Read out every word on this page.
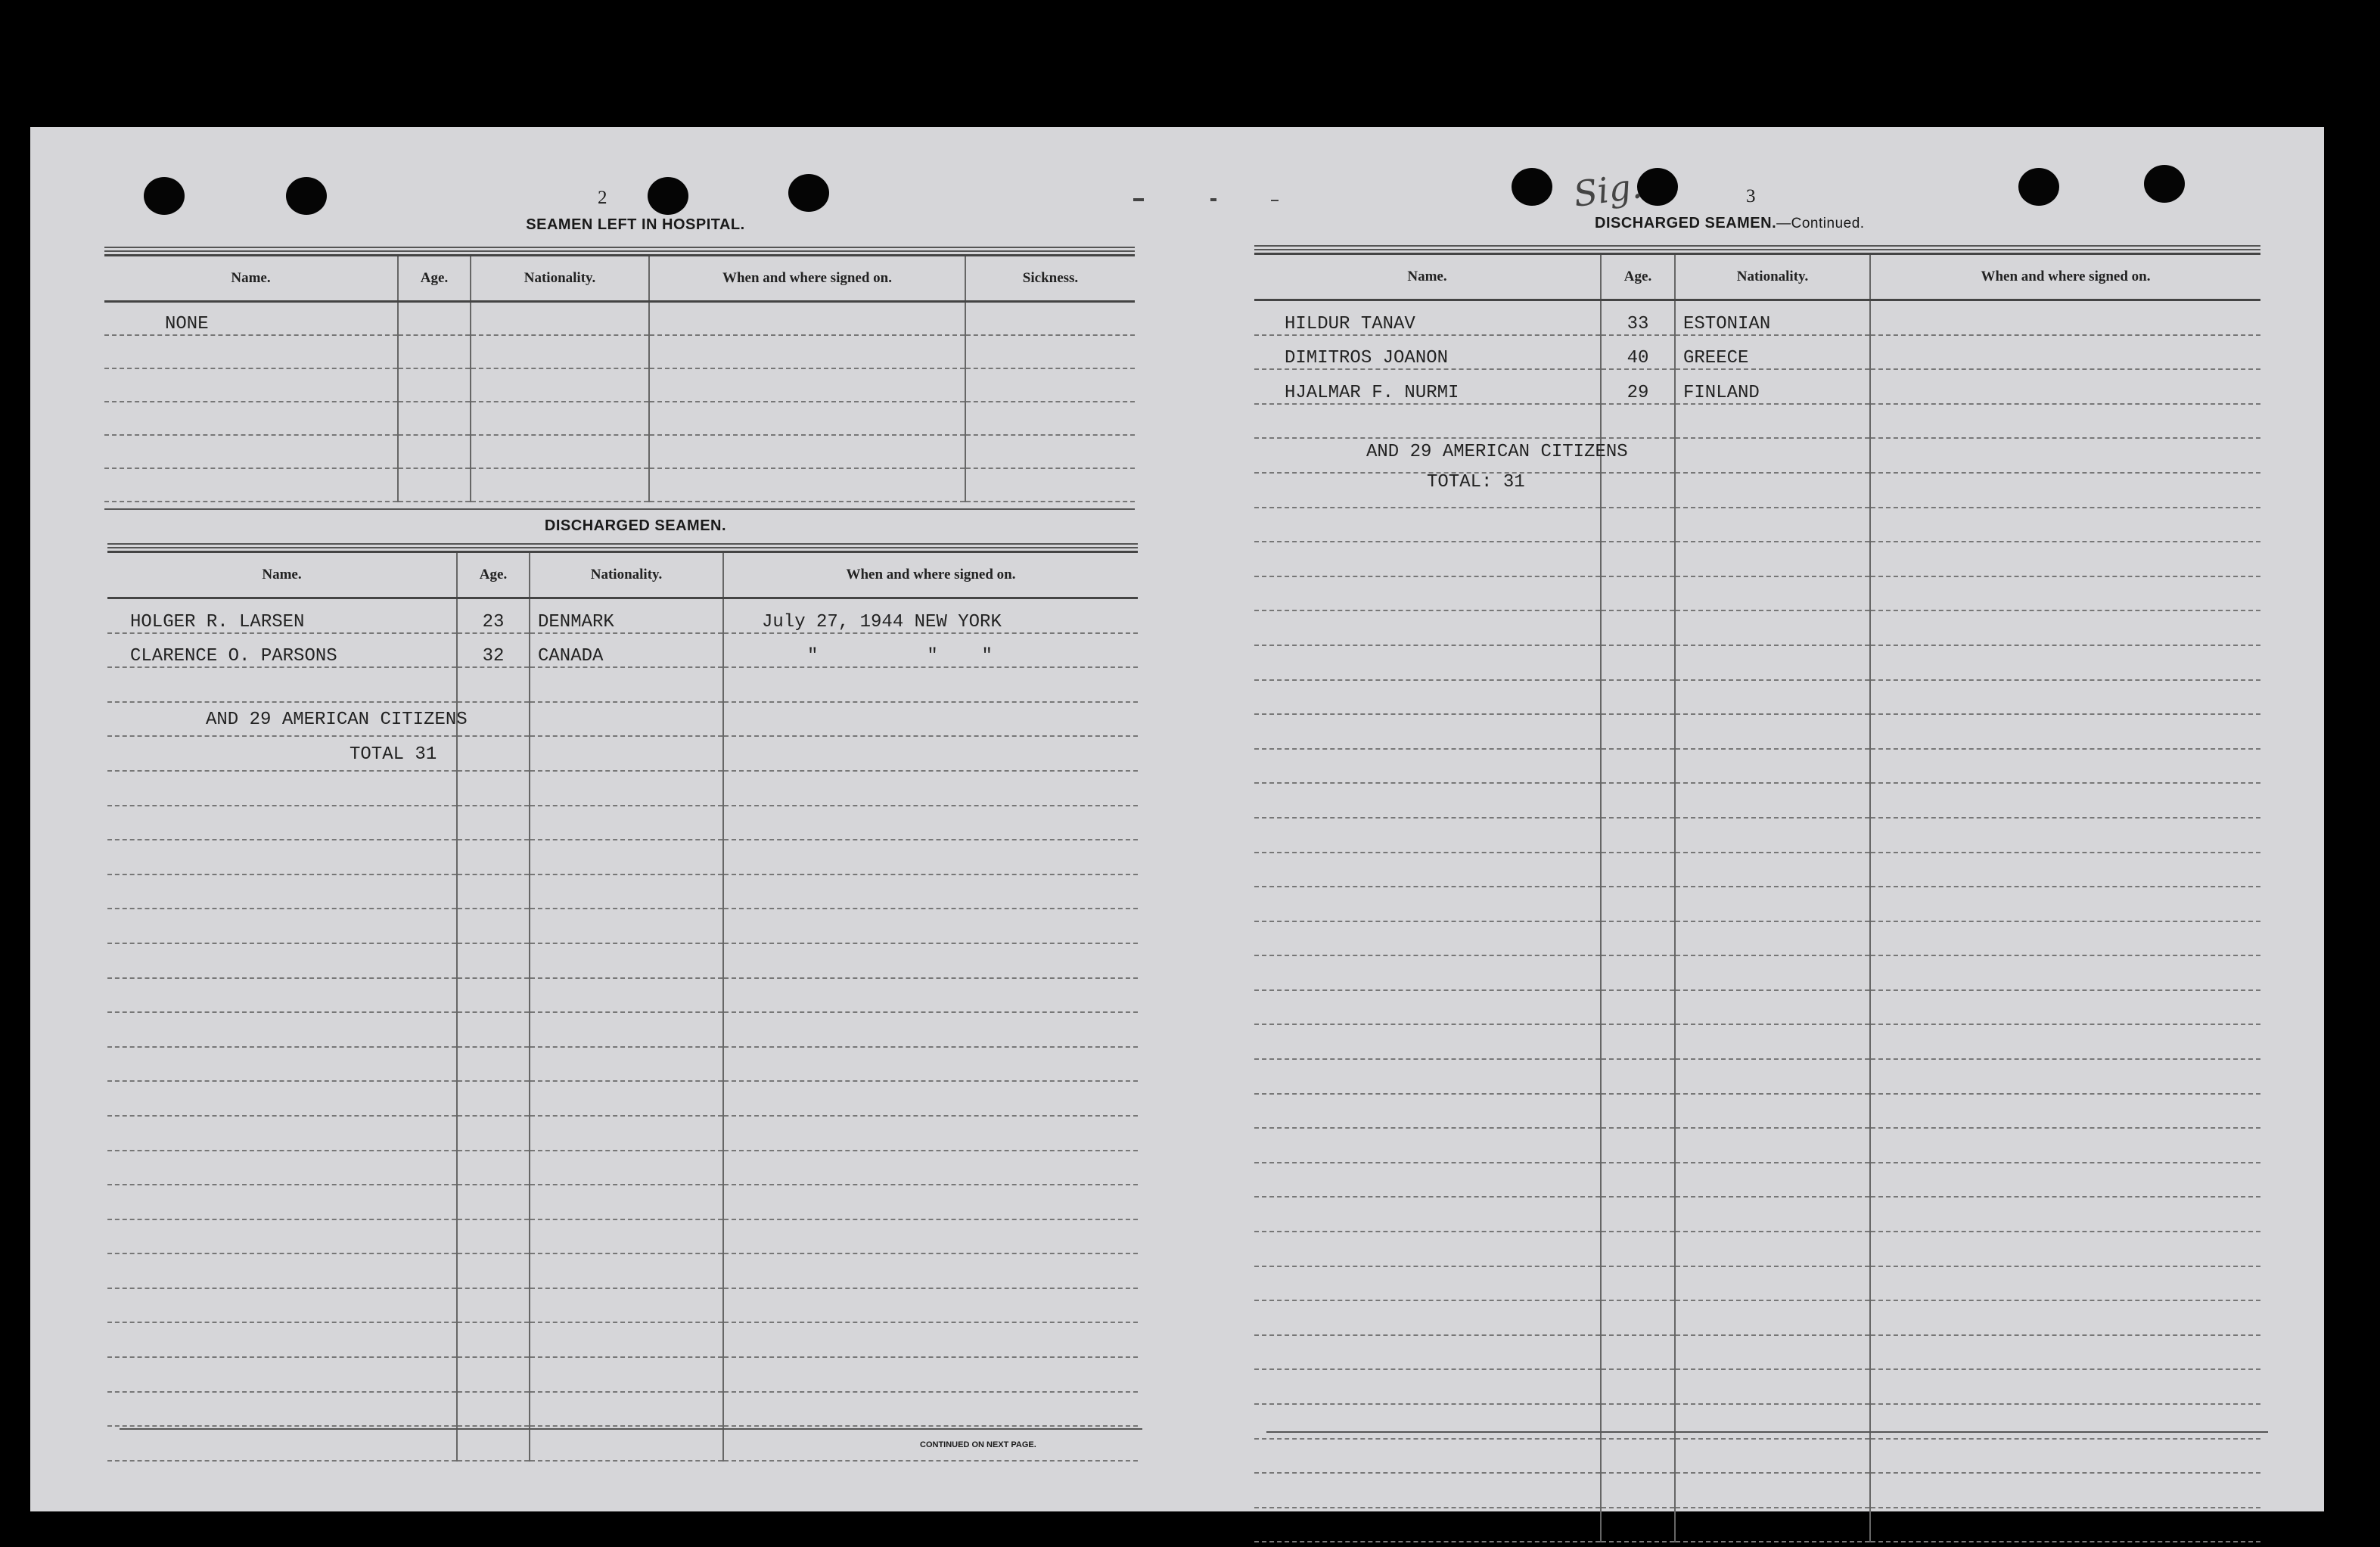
2
SEAMEN LEFT IN HOSPITAL.
Name.	Age.	Nationality.	When and where signed on.	Sickness.
NONE				

DISCHARGED SEAMEN.
Name.	Age.	Nationality.	When and where signed on.
HOLGER R. LARSEN	23	DENMARK	July 27, 1944 NEW YORK
CLARENCE O. PARSONS	32	CANADA	"          "    "

AND 29 AMERICAN CITIZENS
TOTAL 31
CONTINUED ON NEXT PAGE.
Sig.	3
DISCHARGED SEAMEN.—Continued.
Name.	Age.	Nationality.	When and where signed on.
HILDUR TANAV	33	ESTONIAN	
DIMITROS JOANON	40	GREECE	
HJALMAR F. NURMI	29	FINLAND	

AND 29 AMERICAN CITIZENS
TOTAL: 31
